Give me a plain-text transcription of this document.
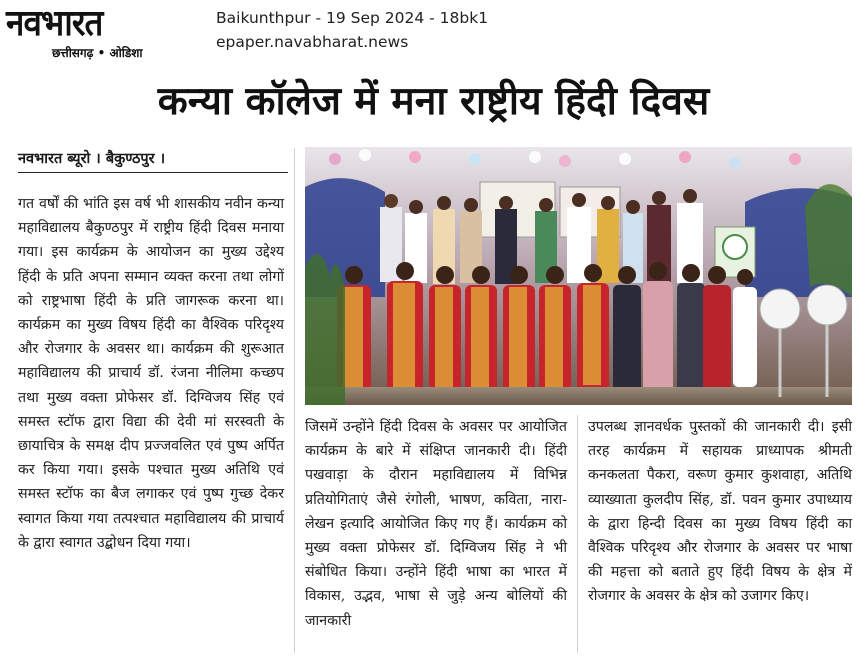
नवभारत
छत्तीसगढ़ • ओडिशा
Baikunthpur - 19 Sep 2024 - 18bk1
epaper.navabharat.news
कन्या कॉलेज में मना राष्ट्रीय हिंदी दिवस
नवभारत ब्यूरो । बैकुण्ठपुर ।

गत वर्षों की भांति इस वर्ष भी शासकीय नवीन कन्या महाविद्यालय बैकुण्ठपुर में राष्ट्रीय हिंदी दिवस मनाया गया। इस कार्यक्रम के आयोजन का मुख्य उद्देश्य हिंदी के प्रति अपना सम्मान व्यक्त करना तथा लोगों को राष्ट्रभाषा हिंदी के प्रति जागरूक करना था। कार्यक्रम का मुख्य विषय हिंदी का वैश्विक परिदृश्य और रोजगार के अवसर था। कार्यक्रम की शुरूआत महाविद्यालय की प्राचार्य डॉ. रंजना नीलिमा कच्छप तथा मुख्य वक्ता प्रोफेसर डॉ. दिग्विजय सिंह एवं समस्त स्टॉफ द्वारा विद्या की देवी मां सरस्वती के छायाचित्र के समक्ष दीप प्रज्जवलित एवं पुष्प अर्पित कर किया गया। इसके पश्चात मुख्य अतिथि एवं समस्त स्टॉफ का बैज लगाकर एवं पुष्प गुच्छ देकर स्वागत किया गया तत्पश्चात महाविद्यालय की प्राचार्य के द्वारा स्वागत उद्बोधन दिया गया।

जिसमें उन्होंने हिंदी दिवस के अवसर पर आयोजित कार्यक्रम के बारे में संक्षिप्त जानकारी दी। हिंदी पखवाड़ा के दौरान महाविद्यालय में विभिन्न प्रतियोगिताएं जैसे रंगोली, भाषण, कविता, नारा-लेखन इत्यादि आयोजित किए गए हैं। कार्यक्रम को मुख्य वक्ता प्रोफेसर डॉ. दिग्विजय सिंह ने भी संबोधित किया। उन्होंने हिंदी भाषा का भारत में विकास, उद्भव, भाषा से जुड़े अन्य बोलियों की जानकारी

उपलब्ध ज्ञानवर्धक पुस्तकों की जानकारी दी। इसी तरह कार्यक्रम में सहायक प्राध्यापक श्रीमती कनकलता पैकरा, वरूण कुमार कुशवाहा, अतिथि व्याख्याता कुलदीप सिंह, डॉ. पवन कुमार उपाध्याय के द्वारा हिन्दी दिवस का मुख्य विषय हिंदी का वैश्विक परिदृश्य और रोजगार के अवसर पर भाषा की महत्ता को बताते हुए हिंदी विषय के क्षेत्र में रोजगार के अवसर के क्षेत्र को उजागर किए।
